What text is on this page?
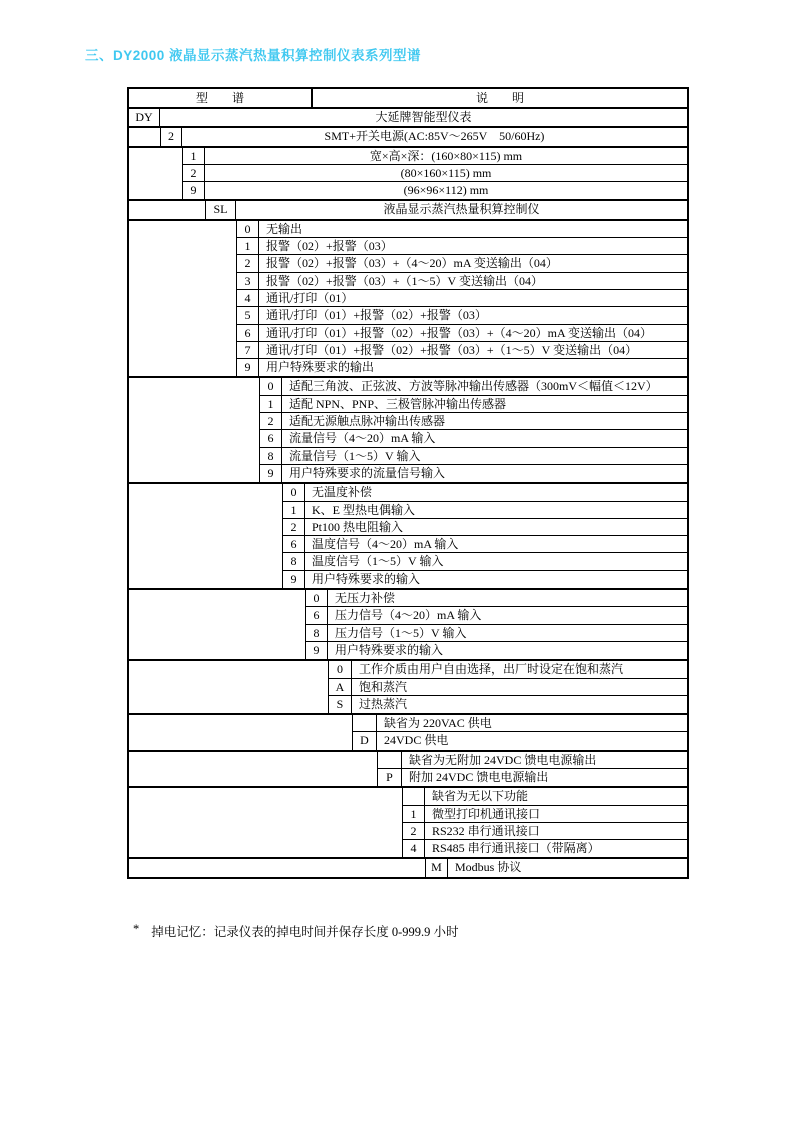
三、DY2000 液晶显示蒸汽热量积算控制仪表系列型谱
型　　谱	说　　明
DY	大延牌智能型仪表
2	SMT+开关电源(AC:85V～265V　50/60Hz)
1	宽×高×深：(160×80×115) mm
2	(80×160×115) mm
9	(96×96×112) mm
SL	液晶显示蒸汽热量积算控制仪
0	无输出
1	报警（02）+报警（03）
2	报警（02）+报警（03）+（4～20）mA 变送输出（04）
3	报警（02）+报警（03）+（1～5）V 变送输出（04）
4	通讯/打印（01）
5	通讯/打印（01）+报警（02）+报警（03）
6	通讯/打印（01）+报警（02）+报警（03）+（4～20）mA 变送输出（04）
7	通讯/打印（01）+报警（02）+报警（03）+（1～5）V 变送输出（04）
9	用户特殊要求的输出
0	适配三角波、正弦波、方波等脉冲输出传感器（300mV＜幅值＜12V）
1	适配 NPN、PNP、三极管脉冲输出传感器
2	适配无源触点脉冲输出传感器
6	流量信号（4～20）mA 输入
8	流量信号（1～5）V 输入
9	用户特殊要求的流量信号输入
0	无温度补偿
1	K、E 型热电偶输入
2	Pt100 热电阻输入
6	温度信号（4～20）mA 输入
8	温度信号（1～5）V 输入
9	用户特殊要求的输入
0	无压力补偿
6	压力信号（4～20）mA 输入
8	压力信号（1～5）V 输入
9	用户特殊要求的输入
0	工作介质由用户自由选择，出厂时设定在饱和蒸汽
A	饱和蒸汽
S	过热蒸汽
缺省为 220VAC 供电
D	24VDC 供电
缺省为无附加 24VDC 馈电电源输出
P	附加 24VDC 馈电电源输出
缺省为无以下功能
1	微型打印机通讯接口
2	RS232 串行通讯接口
4	RS485 串行通讯接口（带隔离）
M	Modbus 协议
* 掉电记忆：记录仪表的掉电时间并保存长度 0-999.9 小时
